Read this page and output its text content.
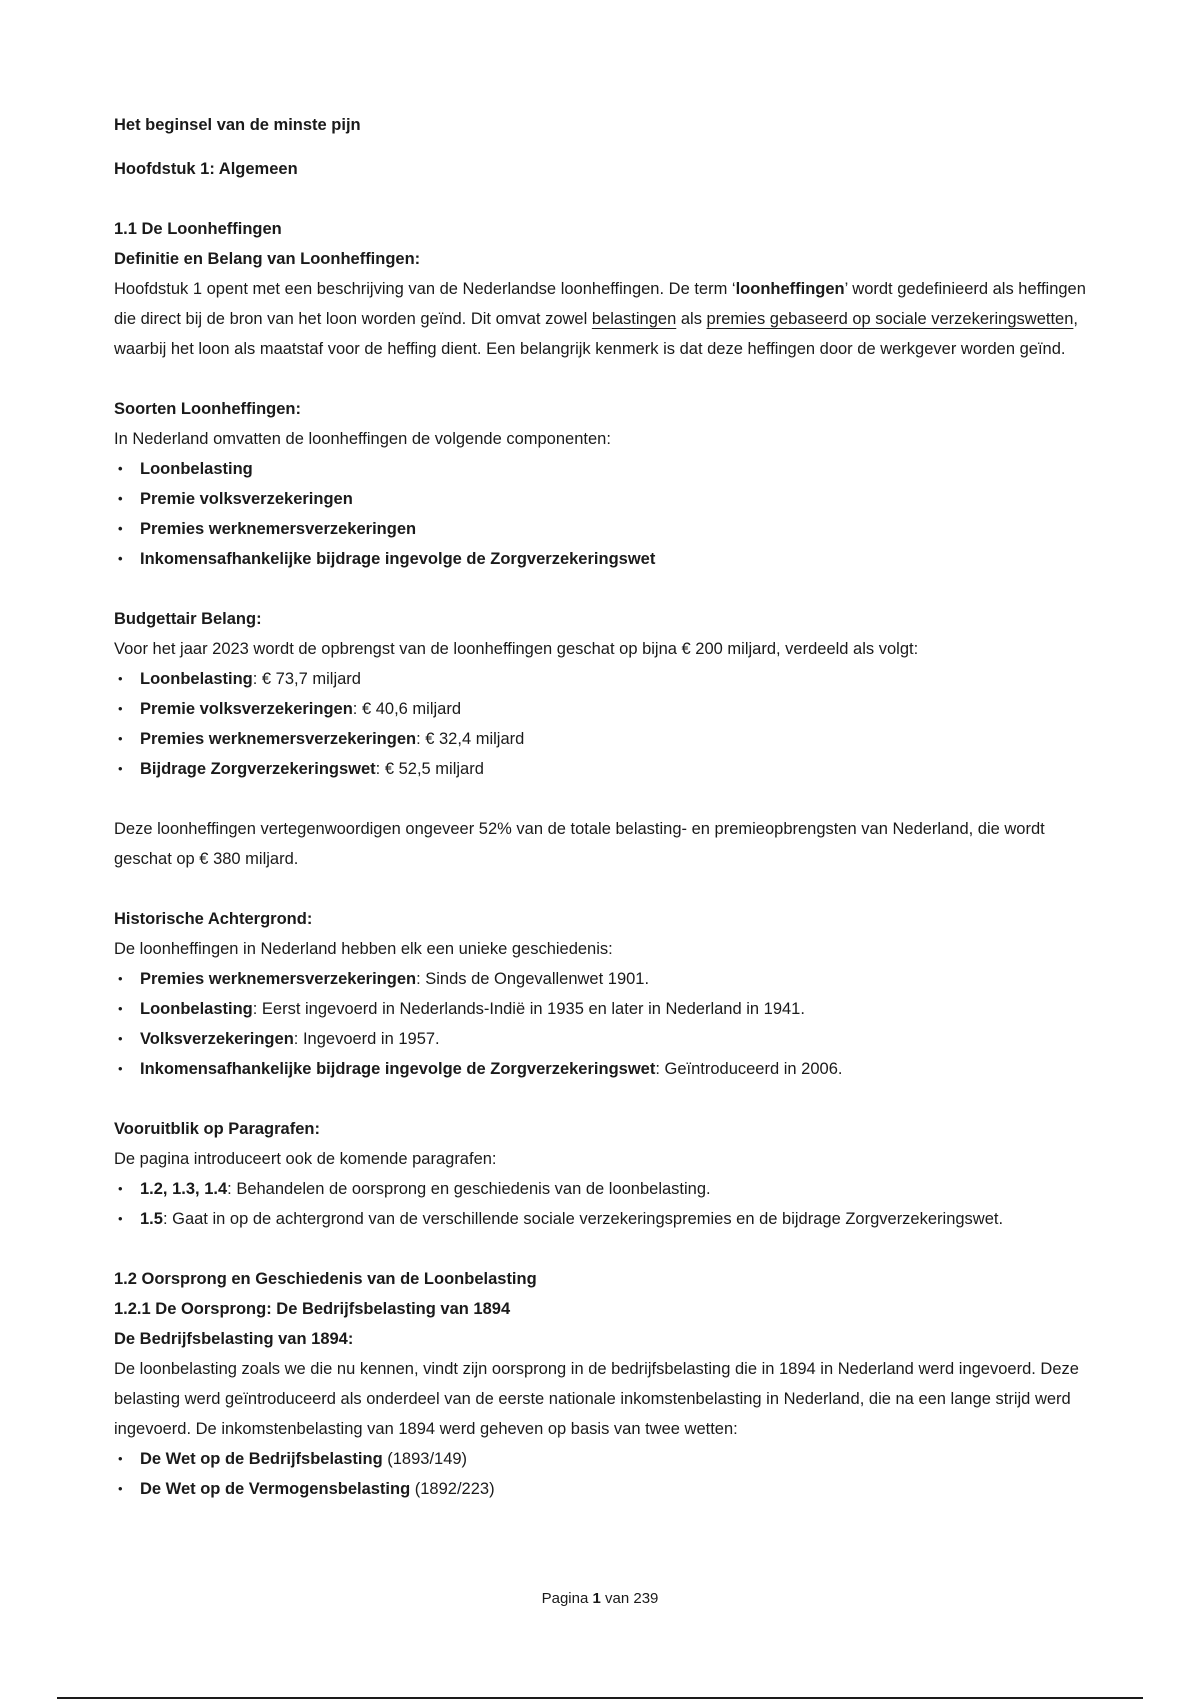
Het beginsel van de minste pijn

Hoofdstuk 1: Algemeen

1.1 De Loonheffingen

Definitie en Belang van Loonheffingen:

Hoofdstuk 1 opent met een beschrijving van de Nederlandse loonheffingen. De term ‘loonheffingen’ wordt gedefinieerd als heffingen die direct bij de bron van het loon worden geïnd. Dit omvat zowel belastingen als premies gebaseerd op sociale verzekeringswetten, waarbij het loon als maatstaf voor de heffing dient. Een belangrijk kenmerk is dat deze heffingen door de werkgever worden geïnd.

Soorten Loonheffingen:

In Nederland omvatten de loonheffingen de volgende componenten:

• Loonbelasting
• Premie volksverzekeringen
• Premies werknemersverzekeringen
• Inkomensafhankelijke bijdrage ingevolge de Zorgverzekeringswet

Budgettair Belang:

Voor het jaar 2023 wordt de opbrengst van de loonheffingen geschat op bijna € 200 miljard, verdeeld als volgt:

• Loonbelasting: € 73,7 miljard
• Premie volksverzekeringen: € 40,6 miljard
• Premies werknemersverzekeringen: € 32,4 miljard
• Bijdrage Zorgverzekeringswet: € 52,5 miljard

Deze loonheffingen vertegenwoordigen ongeveer 52% van de totale belasting- en premieopbrengsten van Nederland, die wordt geschat op € 380 miljard.

Historische Achtergrond:

De loonheffingen in Nederland hebben elk een unieke geschiedenis:

• Premies werknemersverzekeringen: Sinds de Ongevallenwet 1901.
• Loonbelasting: Eerst ingevoerd in Nederlands-Indië in 1935 en later in Nederland in 1941.
• Volksverzekeringen: Ingevoerd in 1957.
• Inkomensafhankelijke bijdrage ingevolge de Zorgverzekeringswet: Geïntroduceerd in 2006.

Vooruitblik op Paragrafen:

De pagina introduceert ook de komende paragrafen:

• 1.2, 1.3, 1.4: Behandelen de oorsprong en geschiedenis van de loonbelasting.
• 1.5: Gaat in op de achtergrond van de verschillende sociale verzekeringspremies en de bijdrage Zorgverzekeringswet.

1.2 Oorsprong en Geschiedenis van de Loonbelasting

1.2.1 De Oorsprong: De Bedrijfsbelasting van 1894

De Bedrijfsbelasting van 1894:

De loonbelasting zoals we die nu kennen, vindt zijn oorsprong in de bedrijfsbelasting die in 1894 in Nederland werd ingevoerd. Deze belasting werd geïntroduceerd als onderdeel van de eerste nationale inkomstenbelasting in Nederland, die na een lange strijd werd ingevoerd. De inkomstenbelasting van 1894 werd geheven op basis van twee wetten:

• De Wet op de Bedrijfsbelasting (1893/149)
• De Wet op de Vermogensbelasting (1892/223)
Pagina 1 van 239
